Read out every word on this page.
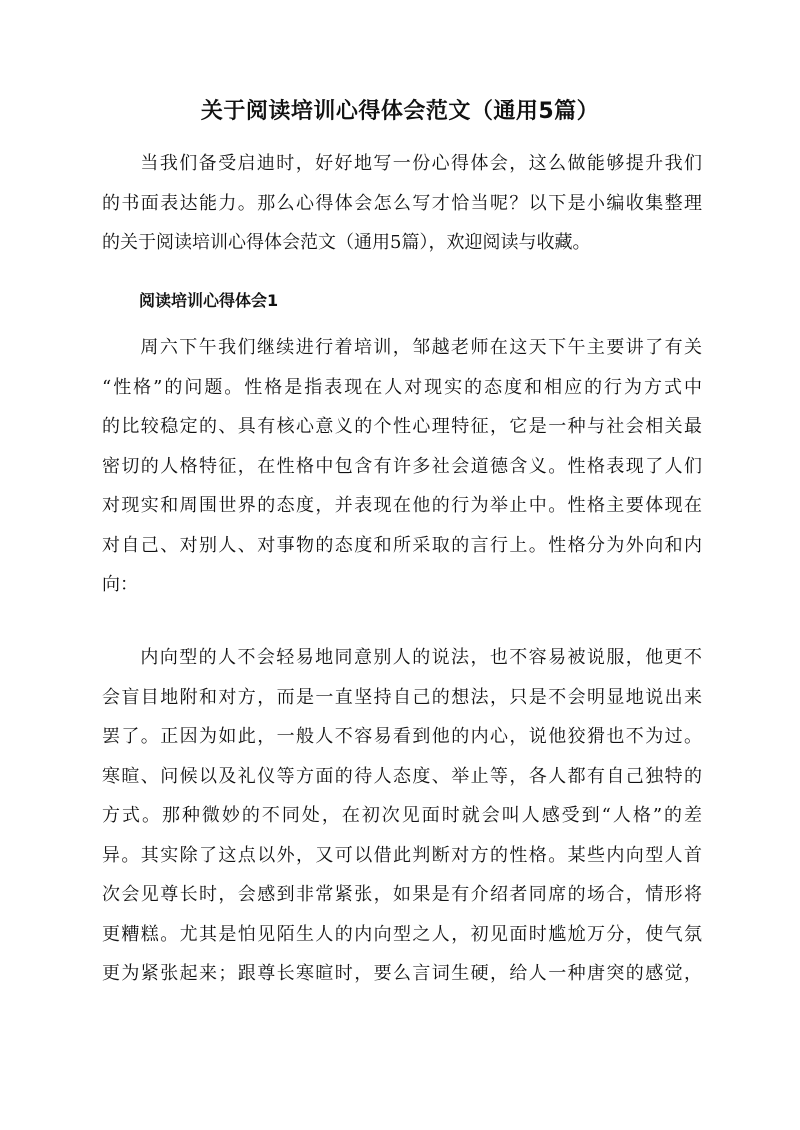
关于阅读培训心得体会范文（通用5篇）
当我们备受启迪时，好好地写一份心得体会，这么做能够提升我们
的书面表达能力。那么心得体会怎么写才恰当呢？以下是小编收集整理
的关于阅读培训心得体会范文（通用5篇），欢迎阅读与收藏。
阅读培训心得体会1
周六下午我们继续进行着培训，邹越老师在这天下午主要讲了有关
“性格”的问题。性格是指表现在人对现实的态度和相应的行为方式中
的比较稳定的、具有核心意义的个性心理特征，它是一种与社会相关最
密切的人格特征，在性格中包含有许多社会道德含义。性格表现了人们
对现实和周围世界的态度，并表现在他的行为举止中。性格主要体现在
对自己、对别人、对事物的态度和所采取的言行上。性格分为外向和内
向：
内向型的人不会轻易地同意别人的说法，也不容易被说服，他更不
会盲目地附和对方，而是一直坚持自己的想法，只是不会明显地说出来
罢了。正因为如此，一般人不容易看到他的内心，说他狡猾也不为过。
寒暄、问候以及礼仪等方面的待人态度、举止等，各人都有自己独特的
方式。那种微妙的不同处，在初次见面时就会叫人感受到“人格”的差
异。其实除了这点以外，又可以借此判断对方的性格。某些内向型人首
次会见尊长时，会感到非常紧张，如果是有介绍者同席的场合，情形将
更糟糕。尤其是怕见陌生人的内向型之人，初见面时尴尬万分，使气氛
更为紧张起来；跟尊长寒暄时，要么言词生硬，给人一种唐突的感觉，
